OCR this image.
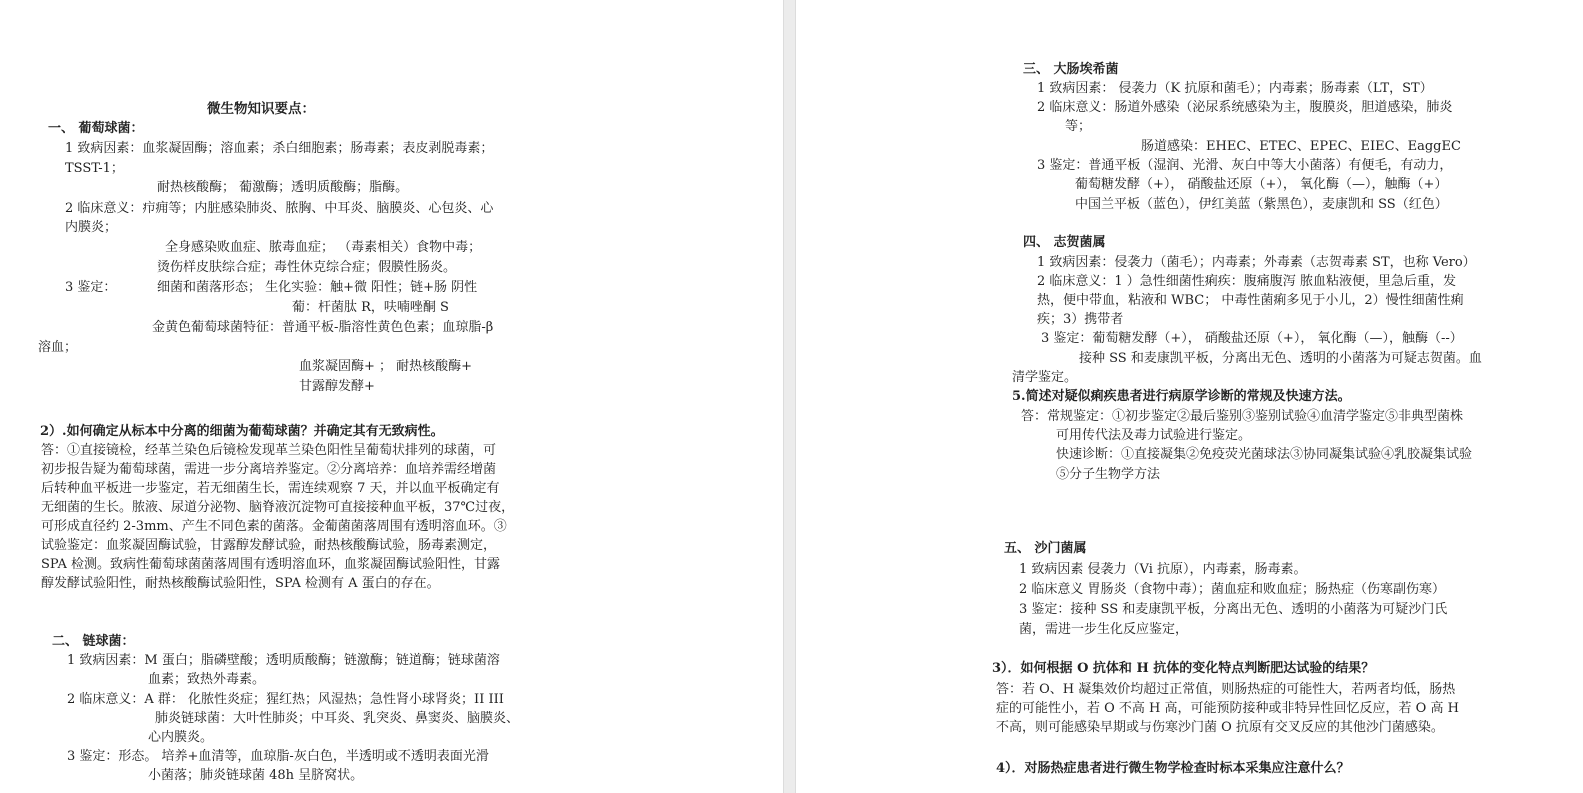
微生物知识要点：
一、 葡萄球菌：
1 致病因素：血浆凝固酶；溶血素；杀白细胞素；肠毒素；表皮剥脱毒素；
TSST-1；
耐热核酸酶； 葡激酶；透明质酸酶；脂酶。
2 临床意义：疖痈等；内脏感染肺炎、脓胸、中耳炎、脑膜炎、心包炎、心
内膜炎；
全身感染败血症、脓毒血症； （毒素相关）食物中毒；
烫伤样皮肤综合症；毒性休克综合症；假膜性肠炎。
3 鉴定：	细菌和菌落形态； 生化实验：触+微 阳性；链+肠 阴性
葡：杆菌肽 R，呋喃唑酮 S
金黄色葡萄球菌特征：普通平板-脂溶性黄色色素；血琼脂-β
溶血；
血浆凝固酶+ ； 耐热核酸酶+
甘露醇发酵+
2）.如何确定从标本中分离的细菌为葡萄球菌？并确定其有无致病性。
答：①直接镜检，经革兰染色后镜检发现革兰染色阳性呈葡萄状排列的球菌，可
初步报告疑为葡萄球菌，需进一步分离培养鉴定。②分离培养：血培养需经增菌
后转种血平板进一步鉴定，若无细菌生长，需连续观察 7 天，并以血平板确定有
无细菌的生长。脓液、尿道分泌物、脑脊液沉淀物可直接接种血平板，37℃过夜，
可形成直径约 2-3mm、产生不同色素的菌落。金葡菌菌落周围有透明溶血环。③
试验鉴定：血浆凝固酶试验，甘露醇发酵试验，耐热核酸酶试验，肠毒素测定，
SPA 检测。致病性葡萄球菌菌落周围有透明溶血环，血浆凝固酶试验阳性，甘露
醇发酵试验阳性，耐热核酸酶试验阳性，SPA 检测有 A 蛋白的存在。
二、 链球菌：
1 致病因素：M 蛋白；脂磷壁酸；透明质酸酶；链激酶；链道酶；链球菌溶
血素；致热外毒素。
2 临床意义：A 群： 化脓性炎症；猩红热；风湿热；急性肾小球肾炎；II III
肺炎链球菌：大叶性肺炎；中耳炎、乳突炎、鼻窦炎、脑膜炎、
心内膜炎。
3 鉴定：形态。 培养+血清等，血琼脂-灰白色，半透明或不透明表面光滑
小菌落；肺炎链球菌 48h 呈脐窝状。
三、 大肠埃希菌
1 致病因素： 侵袭力（K 抗原和菌毛）；内毒素；肠毒素（LT，ST）
2 临床意义：肠道外感染（泌尿系统感染为主，腹膜炎，胆道感染，肺炎
等；
肠道感染：EHEC、ETEC、EPEC、EIEC、EaggEC
3 鉴定：普通平板（湿润、光滑、灰白中等大小菌落）有便毛，有动力，
葡萄糖发酵（+）， 硝酸盐还原（+）， 氧化酶（—），触酶（+）
中国兰平板（蓝色），伊红美蓝（紫黑色），麦康凯和 SS（红色）
四、 志贺菌属
1 致病因素：侵袭力（菌毛）；内毒素；外毒素（志贺毒素 ST，也称 Vero）
2 临床意义：1 ）急性细菌性痢疾：腹痛腹泻 脓血粘液便，里急后重，发
热，便中带血，粘液和 WBC； 中毒性菌痢多见于小儿，2）慢性细菌性痢
疾；3）携带者
3 鉴定：葡萄糖发酵（+）， 硝酸盐还原（+）， 氧化酶（—），触酶（--）
接种 SS 和麦康凯平板，分离出无色、透明的小菌落为可疑志贺菌。血
清学鉴定。
5.简述对疑似痢疾患者进行病原学诊断的常规及快速方法。
答：常规鉴定：①初步鉴定②最后鉴别③鉴别试验④血清学鉴定⑤非典型菌株
可用传代法及毒力试验进行鉴定。
快速诊断：①直接凝集②免疫荧光菌球法③协同凝集试验④乳胶凝集试验
⑤分子生物学方法
五、 沙门菌属
1 致病因素 侵袭力（Vi 抗原），内毒素，肠毒素。
2 临床意义 胃肠炎（食物中毒）；菌血症和败血症；肠热症（伤寒副伤寒）
3 鉴定：接种 SS 和麦康凯平板，分离出无色、透明的小菌落为可疑沙门氏
菌，需进一步生化反应鉴定，
3）．如何根据 O 抗体和 H 抗体的变化特点判断肥达试验的结果？
答：若 O、H 凝集效价均超过正常值，则肠热症的可能性大，若两者均低，肠热
症的可能性小，若 O 不高 H 高，可能预防接种或非特异性回忆反应，若 O 高 H
不高，则可能感染早期或与伤寒沙门菌 O 抗原有交叉反应的其他沙门菌感染。
4）．对肠热症患者进行微生物学检查时标本采集应注意什么？
